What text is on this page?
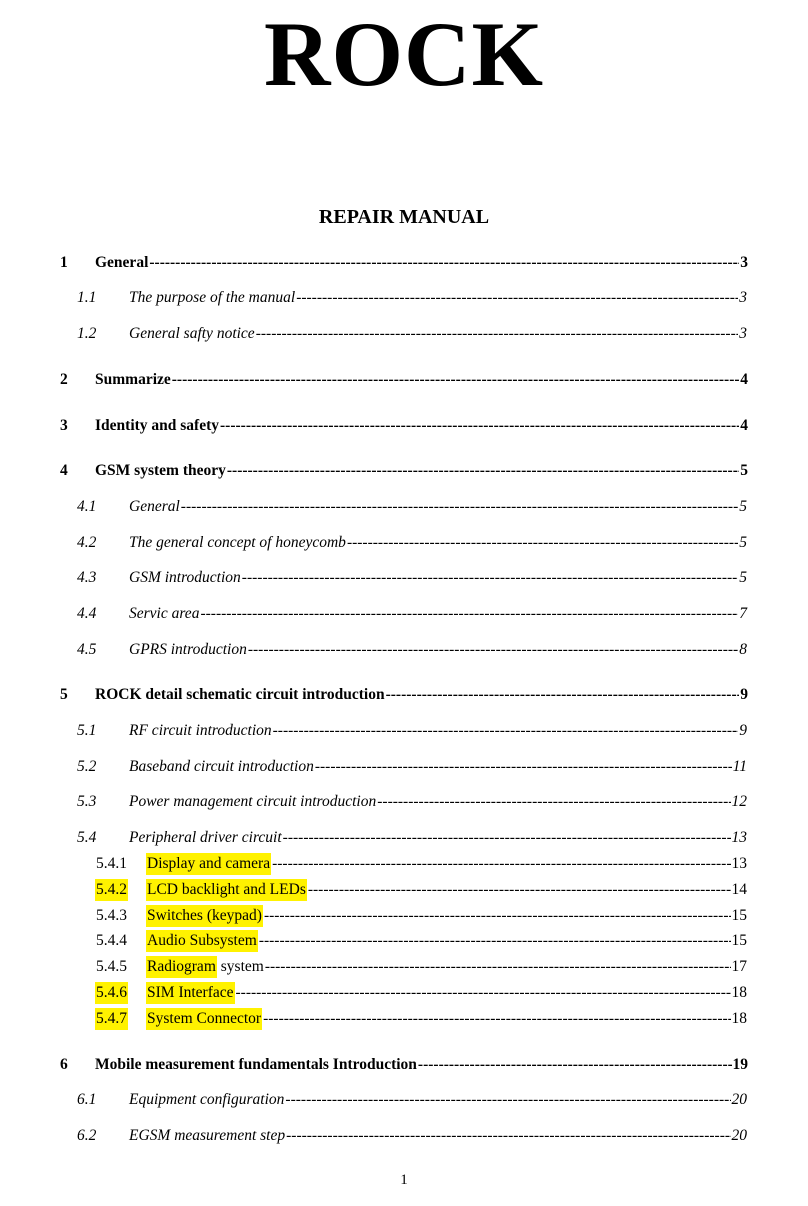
ROCK
REPAIR MANUAL
1 General -----	3
1.1 The purpose of the manual -----	3
1.2 General safty notice -----	3
2 Summarize -----	4
3 Identity and safety -----	4
4 GSM system theory -----	5
4.1 General -----	5
4.2 The general concept of honeycomb -----	5
4.3 GSM introduction -----	5
4.4 Servic area -----	7
4.5 GPRS introduction -----	8
5 ROCK detail schematic circuit introduction -----	9
5.1 RF circuit introduction -----	9
5.2 Baseband circuit introduction -----	11
5.3 Power management circuit introduction -----	12
5.4 Peripheral driver circuit -----	13
5.4.1 Display and camera -----	13
5.4.2 LCD backlight and LEDs -----	14
5.4.3 Switches (keypad) -----	15
5.4.4 Audio Subsystem -----	15
5.4.5 Radiogram system -----	17
5.4.6 SIM Interface -----	18
5.4.7 System Connector -----	18
6 Mobile measurement fundamentals Introduction -----	19
6.1 Equipment configuration -----	20
6.2 EGSM measurement step -----	20
1
